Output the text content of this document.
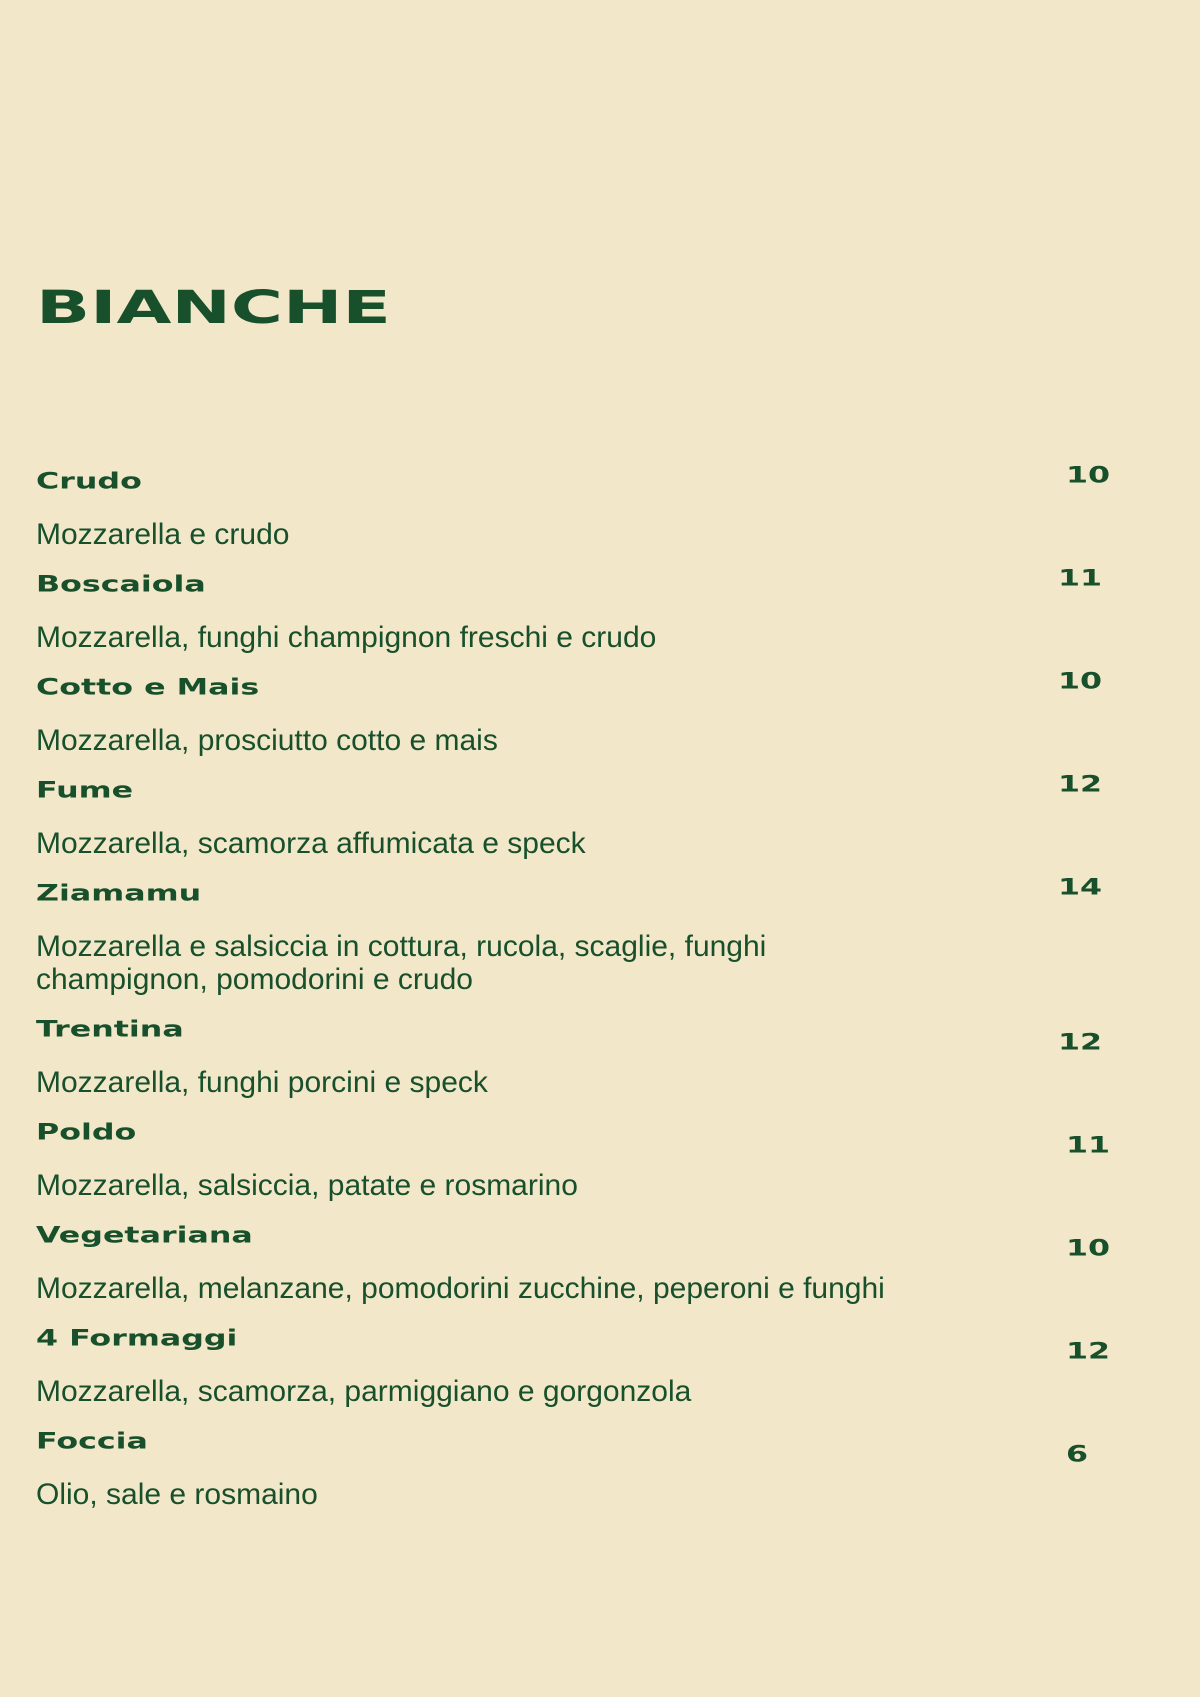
BIANCHE

Crudo

Mozzarella e crudo

10

Boscaiola

Mozzarella, funghi champignon freschi e crudo

11

Cotto e Mais

Mozzarella, prosciutto cotto e mais

10

Fume

Mozzarella, scamorza affumicata e speck

12

Ziamamu

Mozzarella e salsiccia in cottura, rucola, scaglie, funghi champignon, pomodorini e crudo

14

Trentina

Mozzarella, funghi porcini e speck

12

Poldo

Mozzarella, salsiccia, patate e rosmarino

11

Vegetariana

Mozzarella, melanzane, pomodorini zucchine, peperoni e funghi

10

4 Formaggi

Mozzarella, scamorza, parmiggiano e gorgonzola

12

Foccia

Olio, sale e rosmaino

6
